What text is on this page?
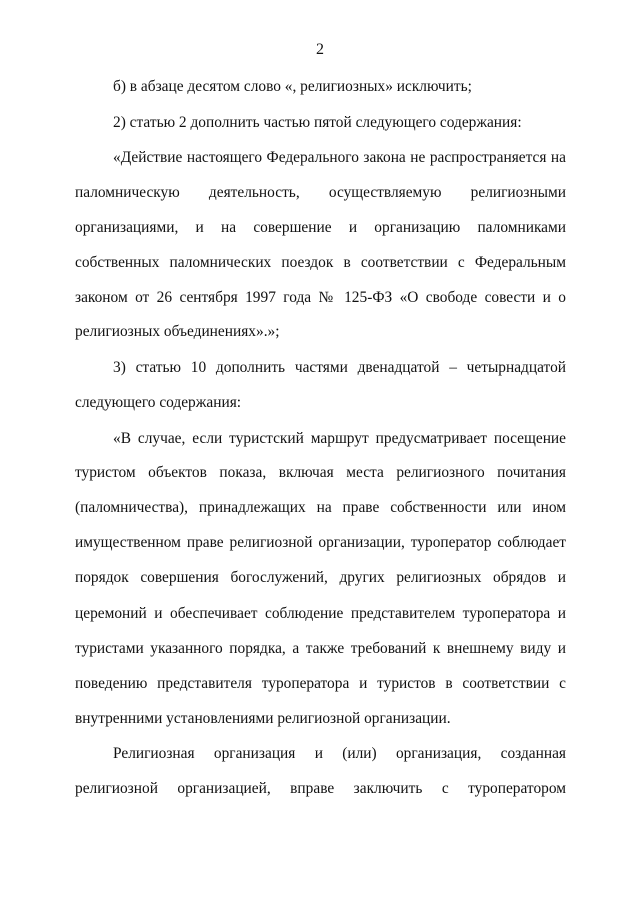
2
б) в абзаце десятом слово «, религиозных» исключить;
2) статью 2 дополнить частью пятой следующего содержания:
«Действие настоящего Федерального закона не распространяется на
паломническую деятельность, осуществляемую религиозными
организациями, и на совершение и организацию паломниками
собственных паломнических поездок в соответствии с Федеральным
законом от 26 сентября 1997 года № 125-ФЗ «О свободе совести и о
религиозных объединениях».»;
3) статью 10 дополнить частями двенадцатой – четырнадцатой
следующего содержания:
«В случае, если туристский маршрут предусматривает посещение
туристом объектов показа, включая места религиозного почитания
(паломничества), принадлежащих на праве собственности или ином
имущественном праве религиозной организации, туроператор соблюдает
порядок совершения богослужений, других религиозных обрядов и
церемоний и обеспечивает соблюдение представителем туроператора и
туристами указанного порядка, а также требований к внешнему виду и
поведению представителя туроператора и туристов в соответствии с
внутренними установлениями религиозной организации.
Религиозная организация и (или) организация, созданная
религиозной организацией, вправе заключить с туроператором
